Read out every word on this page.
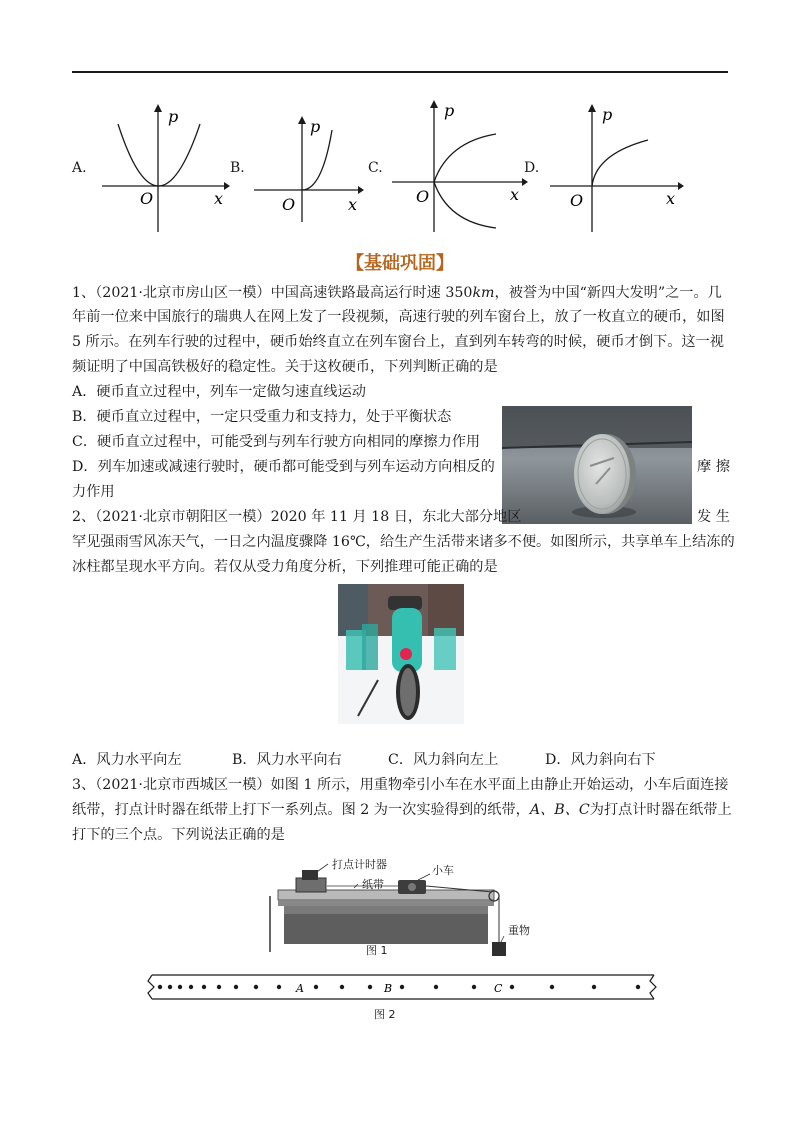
A.
p
O	x
B.
p
O	x
C.
p
O	x
D.
p
O	x
【基础巩固】
1、（2021·北京市房山区一模）中国高速铁路最高运行时速 350km，被誉为中国“新四大发明”之一。几
年前一位来中国旅行的瑞典人在网上发了一段视频，高速行驶的列车窗台上，放了一枚直立的硬币，如图
5 所示。在列车行驶的过程中，硬币始终直立在列车窗台上，直到列车转弯的时候，硬币才倒下。这一视
频证明了中国高铁极好的稳定性。关于这枚硬币，下列判断正确的是
A．硬币直立过程中，列车一定做匀速直线运动
B．硬币直立过程中，一定只受重力和支持力，处于平衡状态
C．硬币直立过程中，可能受到与列车行驶方向相同的摩擦力作用
D．列车加速或减速行驶时，硬币都可能受到与列车运动方向相反的	摩 擦
力作用
2、（2021·北京市朝阳区一模）2020 年 11 月 18 日，东北大部分地区	发 生
罕见强雨雪风冻天气，一日之内温度骤降 16℃，给生产生活带来诸多不便。如图所示，共享单车上结冻的
冰柱都呈现水平方向。若仅从受力角度分析，下列推理可能正确的是
A．风力水平向左	B．风力水平向右	C．风力斜向左上	D．风力斜向右下
3、（2021·北京市西城区一模）如图 1 所示，用重物牵引小车在水平面上由静止开始运动，小车后面连接
纸带，打点计时器在纸带上打下一系列点。图 2 为一次实验得到的纸带，A、B、C为打点计时器在纸带上
打下的三个点。下列说法正确的是
打点计时器
纸带
小车
重物
图 1
A	B	C
图 2
